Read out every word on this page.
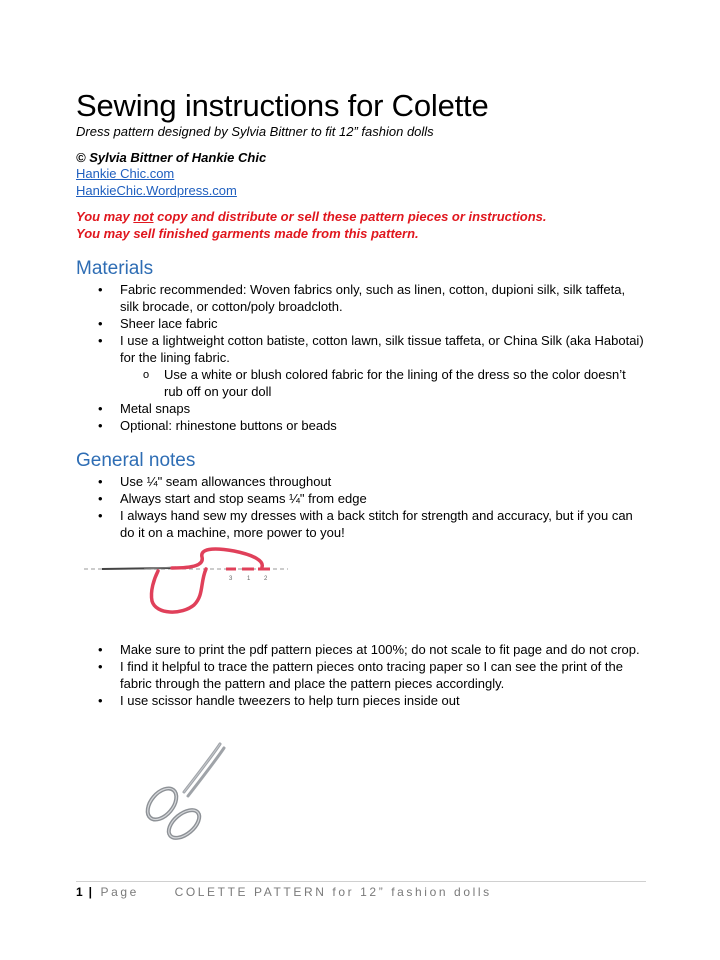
Sewing instructions for Colette
Dress pattern designed by Sylvia Bittner to fit 12” fashion dolls
© Sylvia Bittner of Hankie Chic
Hankie Chic.com
HankieChic.Wordpress.com
You may not copy and distribute or sell these pattern pieces or instructions.
You may sell finished garments made from this pattern.
Materials
• Fabric recommended: Woven fabrics only, such as linen, cotton, dupioni silk, silk taffeta, silk brocade, or cotton/poly broadcloth.
• Sheer lace fabric
• I use a lightweight cotton batiste, cotton lawn, silk tissue taffeta, or China Silk (aka Habotai) for the lining fabric.
o Use a white or blush colored fabric for the lining of the dress so the color doesn’t rub off on your doll
• Metal snaps
• Optional: rhinestone buttons or beads
General notes
• Use ¼" seam allowances throughout
• Always start and stop seams ¼" from edge
• I always hand sew my dresses with a back stitch for strength and accuracy, but if you can do it on a machine, more power to you!
3 1 2
• Make sure to print the pdf pattern pieces at 100%; do not scale to fit page and do not crop.
• I find it helpful to trace the pattern pieces onto tracing paper so I can see the print of the fabric through the pattern and place the pattern pieces accordingly.
• I use scissor handle tweezers to help turn pieces inside out
1 | Page	COLETTE PATTERN for 12” fashion dolls
